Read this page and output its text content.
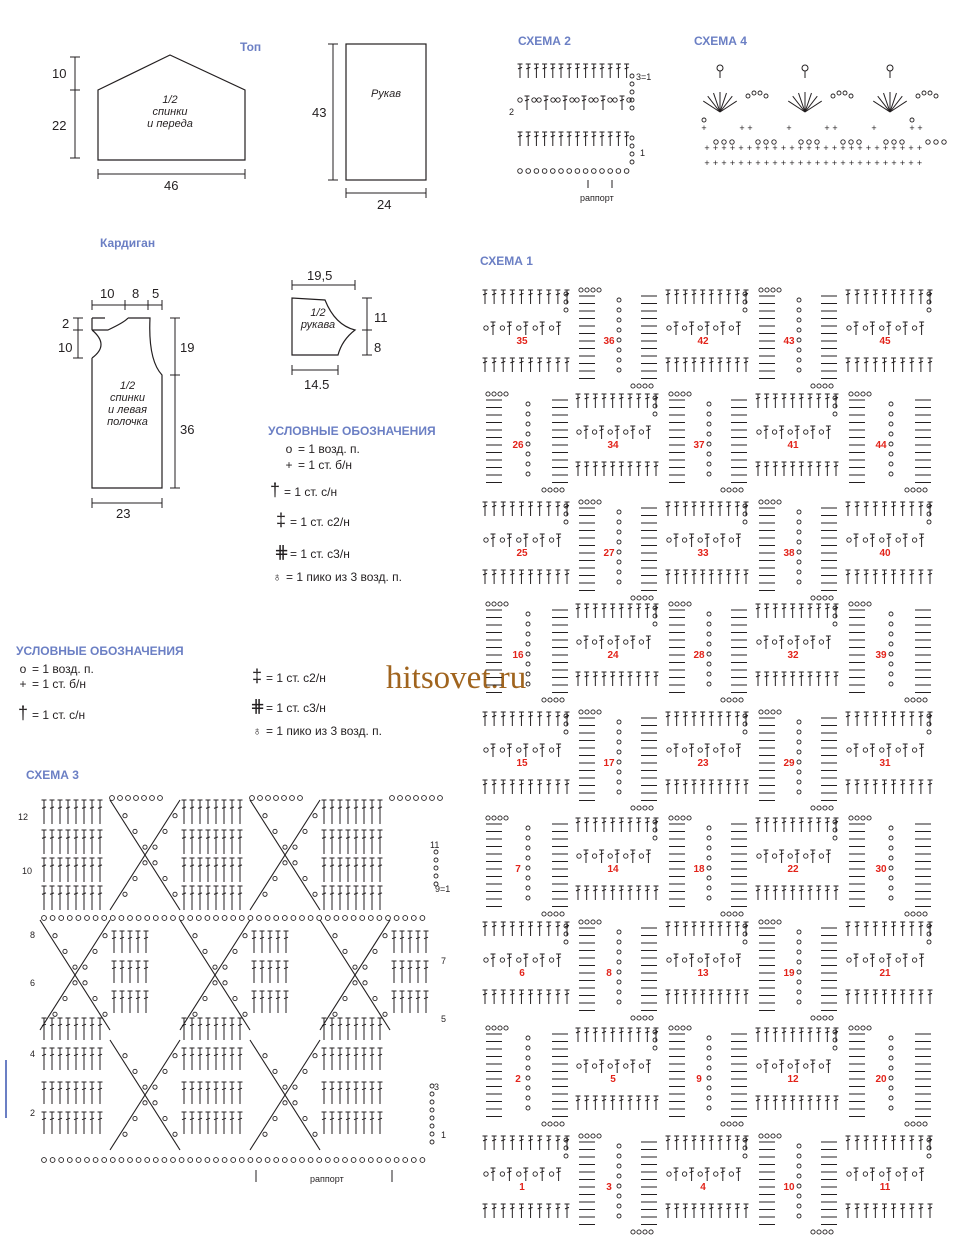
Топ
10
22
46
1/2
спинки
и переда
Рукав
43
24
Кардиган
10 8 5
2
10	19
36
23
1/2
спинки
и левая
полочка
19,5
11
8
14.5
1/2
рукава
УСЛОВНЫЕ ОБОЗНАЧЕНИЯ
o = 1 возд. п.
+ = 1 ст. б/н
† = 1 ст. с/н
‡ = 1 ст. с2/н
⋕= 1 ст. с3/н
♁ = 1 пико из 3 возд. п.
УСЛОВНЫЕ ОБОЗНАЧЕНИЯ
o = 1 возд. п.
+ = 1 ст. б/н
† = 1 ст. с/н
‡ = 1 ст. с2/н
⋕= 1 ст. с3/н
♁ = 1 пико из 3 возд. п.
hitsovet.ru
СХЕМА 2	СХЕМА 4
2
3=1
1
раппорт
+ + + + + + + + + + + + + + + + + + + + + + + + + +
+ + + + + + + + + + + + + + + + + + + + + + + + + +
+ +
+	+ +
+	+ +
+
СХЕМА 3
12
10
8
6
4
2
11
9=1
7
5
3
1
раппорт
СХЕМА 1
35	36	42	43	45
26	34	37	41	44
25	27	33	38	40
16	24	28	32	39
15	17	23	29	31
7	14	18	22	30
6	8	13	19	21
2	5	9	12	20
1	3	4	10	11
